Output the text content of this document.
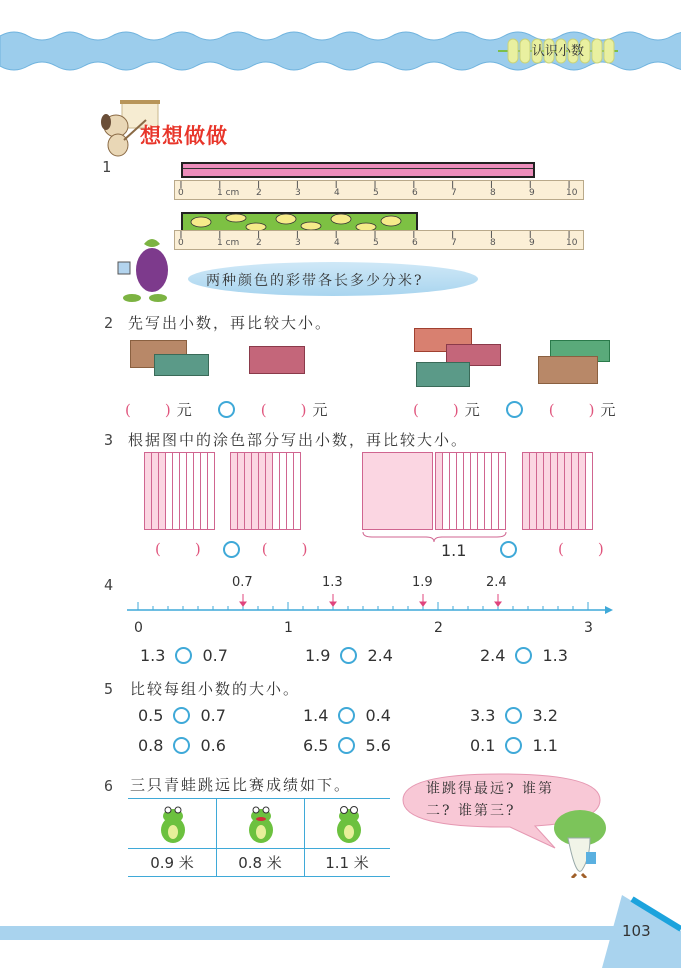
认识小数
想想做做
1
0	1 cm 2	3	4	5	6	7	8	9	10
0	1 cm 2	3	4	5	6	7	8	9	10
两种颜色的彩带各长多少分米?
2 先写出小数，再比较大小。
( ) 元	( ) 元	( ) 元	( ) 元
3 根据图中的涂色部分写出小数，再比较大小。
( )	( )	1.1	( )
4	0.7	1.3	1.9	2.4
0	1	2	3
1.3 0.7	1.9 2.4	2.4 1.3
5 比较每组小数的大小。
0.5 0.7	1.4 0.4	3.3 3.2
0.8 0.6	6.5 5.6	0.1 1.1
6 三只青蛙跳远比赛成绩如下。
0.9 米	0.8 米	1.1 米
谁跳得最远? 谁第
二? 谁第三?
103
